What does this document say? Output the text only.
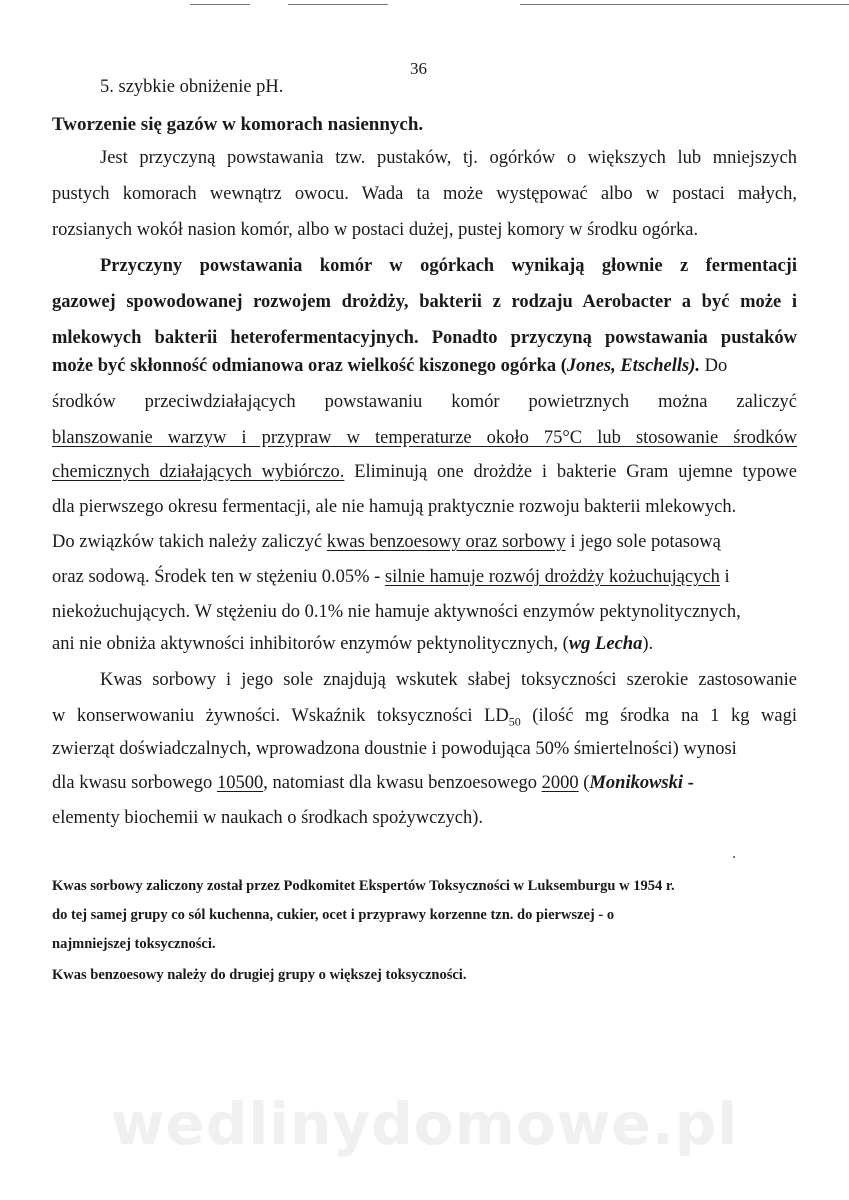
36
5. szybkie obniżenie pH.
Tworzenie się gazów w komorach nasiennych.
Jest przyczyną powstawania tzw. pustaków, tj. ogórków o większych lub mniejszych
pustych komorach wewnątrz owocu. Wada ta może występować albo w postaci małych,
rozsianych wokół nasion komór, albo w postaci dużej, pustej komory w środku ogórka.
Przyczyny powstawania komór w ogórkach wynikają głownie z fermentacji
gazowej spowodowanej rozwojem drożdży, bakterii z rodzaju Aerobacter a być może i
mlekowych bakterii heterofermentacyjnych. Ponadto przyczyną powstawania pustaków
może być skłonność odmianowa oraz wielkość kiszonego ogórka (Jones, Etschells). Do
środków przeciwdziałających powstawaniu komór powietrznych można zaliczyć
blanszowanie warzyw i przypraw w temperaturze około 75°C lub stosowanie środków
chemicznych działających wybiórczo. Eliminują one drożdże i bakterie Gram ujemne typowe
dla pierwszego okresu fermentacji, ale nie hamują praktycznie rozwoju bakterii mlekowych.
Do związków takich należy zaliczyć kwas benzoesowy oraz sorbowy i jego sole potasową
oraz sodową. Środek ten w stężeniu 0.05% - silnie hamuje rozwój drożdży kożuchujących i
niekożuchujących. W stężeniu do 0.1% nie hamuje aktywności enzymów pektynolitycznych,
ani nie obniża aktywności inhibitorów enzymów pektynolitycznych, (wg Lecha).
Kwas sorbowy i jego sole znajdują wskutek słabej toksyczności szerokie zastosowanie
w konserwowaniu żywności. Wskaźnik toksyczności $LD_{50}$ (ilość mg środka na 1 kg wagi
zwierząt doświadczalnych, wprowadzona doustnie i powodująca 50% śmiertelności) wynosi
dla kwasu sorbowego 10500, natomiast dla kwasu benzoesowego 2000 (Monikowski -
elementy biochemii w naukach o środkach spożywczych).
Kwas sorbowy zaliczony został przez Podkomitet Ekspertów Toksyczności w Luksemburgu w 1954 r.
do tej samej grupy co sól kuchenna, cukier, ocet i przyprawy korzenne tzn. do pierwszej - o
najmniejszej toksyczności.
Kwas benzoesowy należy do drugiej grupy o większej toksyczności.
wedlinydomowe.pl
